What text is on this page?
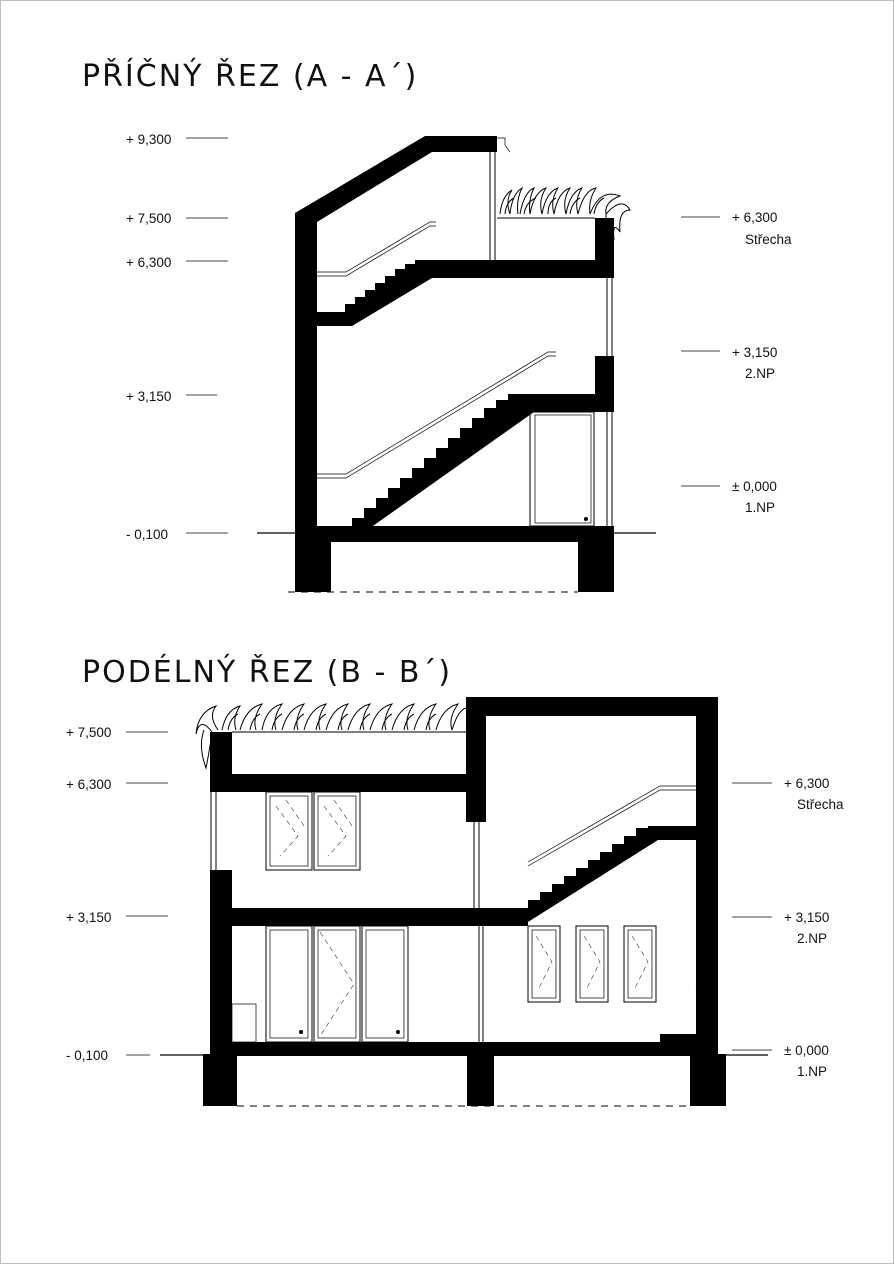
PŘÍČNÝ ŘEZ (A - A´)
+ 9,300
+ 7,500
+ 6,300
+ 3,150
- 0,100
+ 6,300
Střecha
+ 3,150
2.NP
± 0,000
1.NP
PODÉLNÝ ŘEZ (B - B´)
+ 7,500
+ 6,300
+ 3,150
- 0,100
+ 6,300
Střecha
+ 3,150
2.NP
± 0,000
1.NP
